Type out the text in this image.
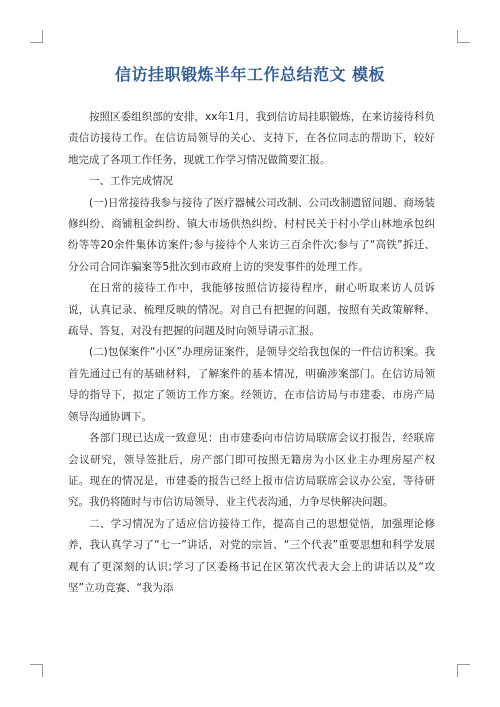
信访挂职锻炼半年工作总结范文 模板

按照区委组织部的安排，xx年1月，我到信访局挂职锻炼，在来访接待科负责信访接待工作。在信访局领导的关心、支持下，在各位同志的帮助下，较好地完成了各项工作任务，现就工作学习情况做简要汇报。

一、工作完成情况

(一)日常接待我参与接待了医疗器械公司改制、公司改制遗留问题、商场装修纠纷、商铺租金纠纷、镇大市场供热纠纷、村村民关于村小学山林地承包纠纷等等20余件集体访案件;参与接待个人来访三百余件次;参与了“高铁”拆迁、分公司合同诈骗案等5批次到市政府上访的突发事件的处理工作。

在日常的接待工作中，我能够按照信访接待程序，耐心听取来访人员诉说，认真记录、梳理反映的情况。对自己有把握的问题，按照有关政策解释、疏导、答复，对没有把握的问题及时向领导请示汇报。

(二)包保案件“小区”办理房证案件，是领导交给我包保的一件信访积案。我首先通过已有的基础材料，了解案件的基本情况，明确涉案部门。在信访局领导的指导下，拟定了领访工作方案。经领访，在市信访局与市建委、市房产局领导沟通协调下。

各部门现已达成一致意见：由市建委向市信访局联席会议打报告，经联席会议研究，领导签批后，房产部门即可按照无籍房为小区业主办理房屋产权证。现在的情况是，市建委的报告已经上报市信访局联席会议办公室，等待研究。我仍将随时与市信访局领导、业主代表沟通，力争尽快解决问题。

二、学习情况为了适应信访接待工作，提高自己的思想觉悟，加强理论修养，我认真学习了“七一”讲话，对党的宗旨、“三个代表”重要思想和科学发展观有了更深刻的认识;学习了区委杨书记在区第次代表大会上的讲话以及“攻坚”立功竞赛、“我为添
